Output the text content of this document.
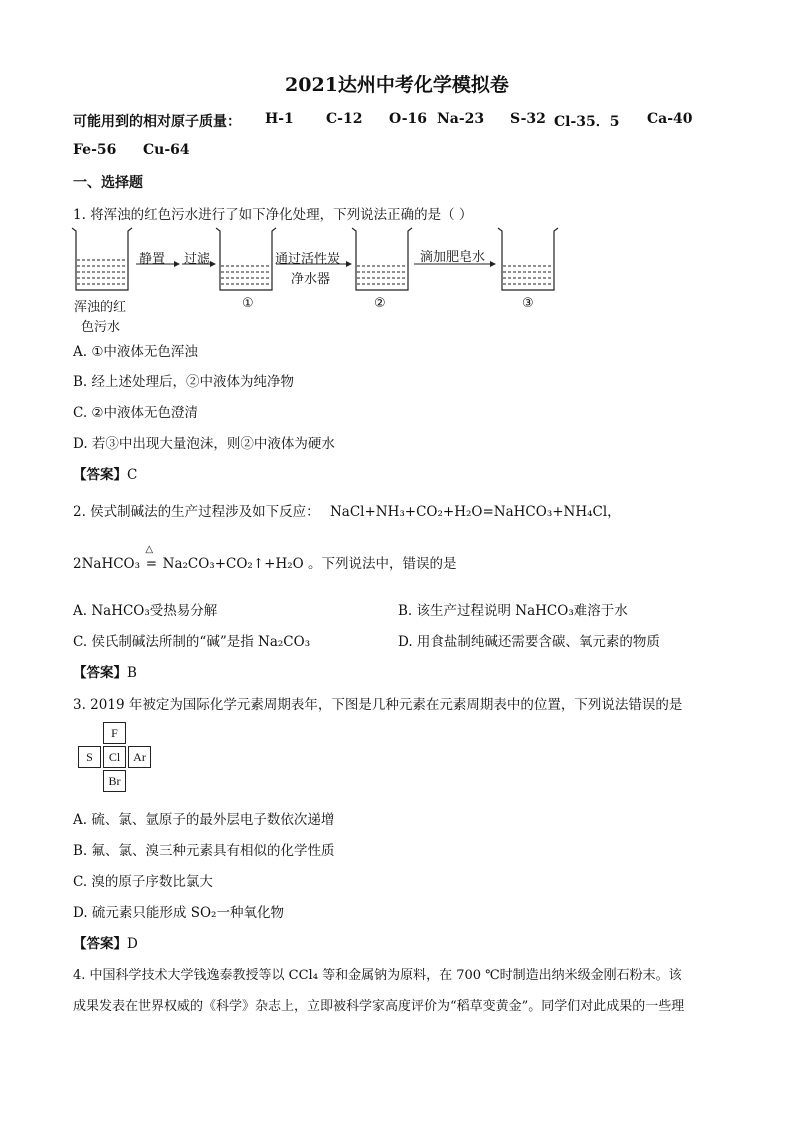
2021达州中考化学模拟卷
可能用到的相对原子质量： H-1 C-12 O-16 Na-23 S-32 Cl-35．5 Ca-40
Fe-56 Cu-64
一、选择题
1. 将浑浊的红色污水进行了如下净化处理，下列说法正确的是（ ）
静置 过滤	通过活性炭
净水器
滴加肥皂水
浑浊的红
色污水
①	②	③
A. ①中液体无色浑浊
B. 经上述处理后，②中液体为纯净物
C. ②中液体无色澄清
D. 若③中出现大量泡沫，则②中液体为硬水
【答案】C
2. 侯式制碱法的生产过程涉及如下反应： NaCl+NH₃+CO₂+H₂O=NaHCO₃+NH₄Cl，
2NaHCO₃
△
= Na₂CO₃+CO₂↑+H₂O 。下列说法中，错误的是
A. NaHCO₃受热易分解	B. 该生产过程说明 NaHCO₃难溶于水
C. 侯氏制碱法所制的“碱”是指 Na₂CO₃	D. 用食盐制纯碱还需要含碳、氧元素的物质
【答案】B
3. 2019 年被定为国际化学元素周期表年，下图是几种元素在元素周期表中的位置，下列说法错误的是
F
S	Cl	Ar
Br
A. 硫、氯、氩原子的最外层电子数依次递增
B. 氟、氯、溴三种元素具有相似的化学性质
C. 溴的原子序数比氯大
D. 硫元素只能形成 SO₂一种氧化物
【答案】D
4. 中国科学技术大学钱逸泰教授等以 CCl₄ 等和金属钠为原料，在 700 ℃时制造出纳米级金刚石粉末。该
成果发表在世界权威的《科学》杂志上，立即被科学家高度评价为“稻草变黄金”。同学们对此成果的一些理
